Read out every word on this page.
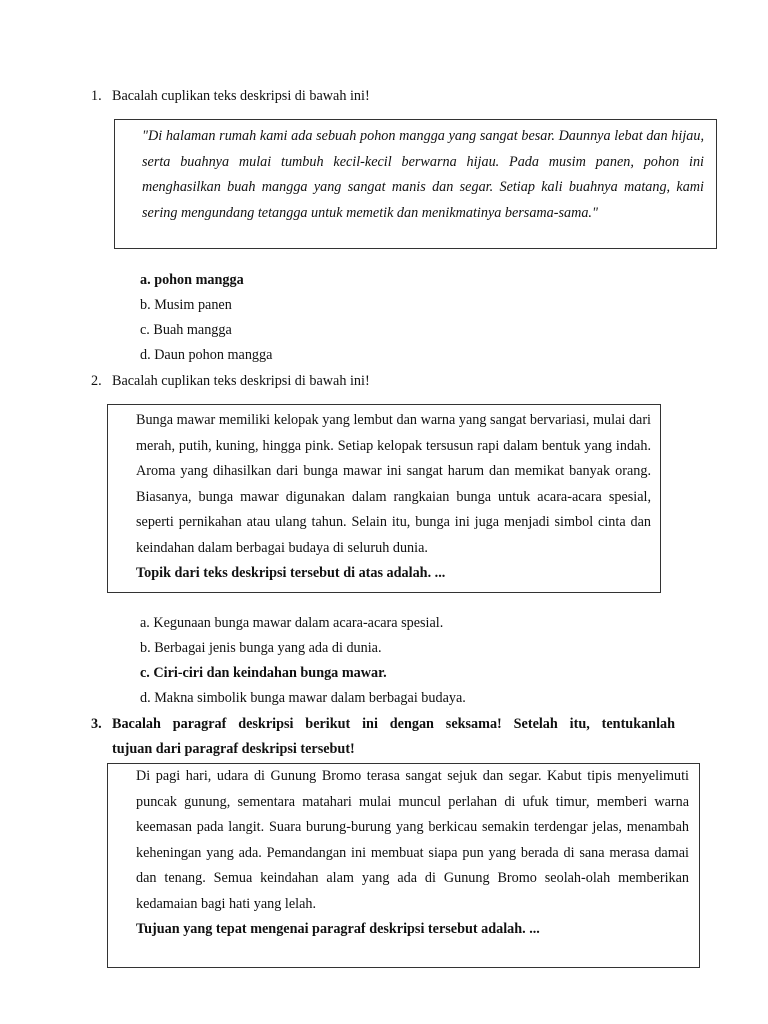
1. Bacalah cuplikan teks deskripsi di bawah ini!

"Di halaman rumah kami ada sebuah pohon mangga yang sangat besar. Daunnya lebat dan hijau, serta buahnya mulai tumbuh kecil-kecil berwarna hijau. Pada musim panen, pohon ini menghasilkan buah mangga yang sangat manis dan segar. Setiap kali buahnya matang, kami sering mengundang tetangga untuk memetik dan menikmatinya bersama-sama."

a. pohon mangga
b. Musim panen
c. Buah mangga
d. Daun pohon mangga
2. Bacalah cuplikan teks deskripsi di bawah ini!

Bunga mawar memiliki kelopak yang lembut dan warna yang sangat bervariasi, mulai dari merah, putih, kuning, hingga pink. Setiap kelopak tersusun rapi dalam bentuk yang indah. Aroma yang dihasilkan dari bunga mawar ini sangat harum dan memikat banyak orang. Biasanya, bunga mawar digunakan dalam rangkaian bunga untuk acara-acara spesial, seperti pernikahan atau ulang tahun. Selain itu, bunga ini juga menjadi simbol cinta dan keindahan dalam berbagai budaya di seluruh dunia.

Topik dari teks deskripsi tersebut di atas adalah. ...

a. Kegunaan bunga mawar dalam acara-acara spesial.
b. Berbagai jenis bunga yang ada di dunia.
c. Ciri-ciri dan keindahan bunga mawar.
d. Makna simbolik bunga mawar dalam berbagai budaya.
3. Bacalah paragraf deskripsi berikut ini dengan seksama! Setelah itu, tentukanlah
tujuan dari paragraf deskripsi tersebut!

Di pagi hari, udara di Gunung Bromo terasa sangat sejuk dan segar. Kabut tipis menyelimuti puncak gunung, sementara matahari mulai muncul perlahan di ufuk timur, memberi warna keemasan pada langit. Suara burung-burung yang berkicau semakin terdengar jelas, menambah keheningan yang ada. Pemandangan ini membuat siapa pun yang berada di sana merasa damai dan tenang. Semua keindahan alam yang ada di Gunung Bromo seolah-olah memberikan kedamaian bagi hati yang lelah.

Tujuan yang tepat mengenai paragraf deskripsi tersebut adalah. ...
